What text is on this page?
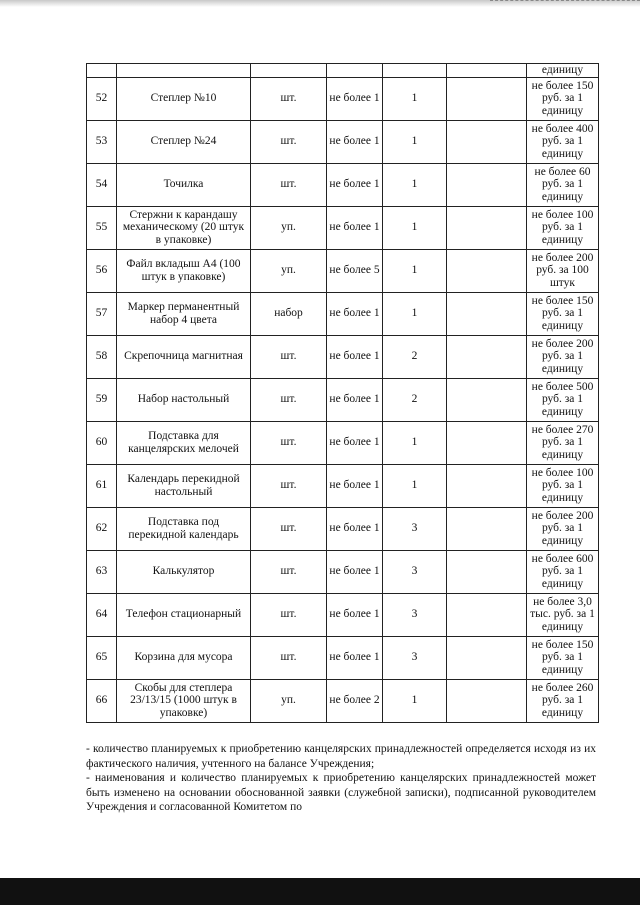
						единицу
52	Степлер №10	шт.	не более 1	1		не более 150 руб. за 1 единицу
53	Степлер №24	шт.	не более 1	1		не более 400 руб. за 1 единицу
54	Точилка	шт.	не более 1	1		не более 60 руб. за 1 единицу
55	Стержни к карандашу механическому (20 штук в упаковке)	уп.	не более 1	1		не более 100 руб. за 1 единицу
56	Файл вкладыш А4 (100 штук в упаковке)	уп.	не более 5	1		не более 200 руб. за 100 штук
57	Маркер перманентный набор 4 цвета	набор	не более 1	1		не более 150 руб. за 1 единицу
58	Скрепочница магнитная	шт.	не более 1	2		не более 200 руб. за 1 единицу
59	Набор настольный	шт.	не более 1	2		не более 500 руб. за 1 единицу
60	Подставка для канцелярских мелочей	шт.	не более 1	1		не более 270 руб. за 1 единицу
61	Календарь перекидной настольный	шт.	не более 1	1		не более 100 руб. за 1 единицу
62	Подставка под перекидной календарь	шт.	не более 1	3		не более 200 руб. за 1 единицу
63	Калькулятор	шт.	не более 1	3		не более 600 руб. за 1 единицу
64	Телефон стационарный	шт.	не более 1	3		не более 3,0 тыс. руб. за 1 единицу
65	Корзина для мусора	шт.	не более 1	3		не более 150 руб. за 1 единицу
66	Скобы для степлера 23/13/15 (1000 штук в упаковке)	уп.	не более 2	1		не более 260 руб. за 1 единицу

- количество планируемых к приобретению канцелярских принадлежностей определяется исходя из их фактического наличия, учтенного на балансе Учреждения;

- наименования и количество планируемых к приобретению канцелярских принадлежностей может быть изменено на основании обоснованной заявки (служебной записки), подписанной руководителем Учреждения и согласованной Комитетом по
